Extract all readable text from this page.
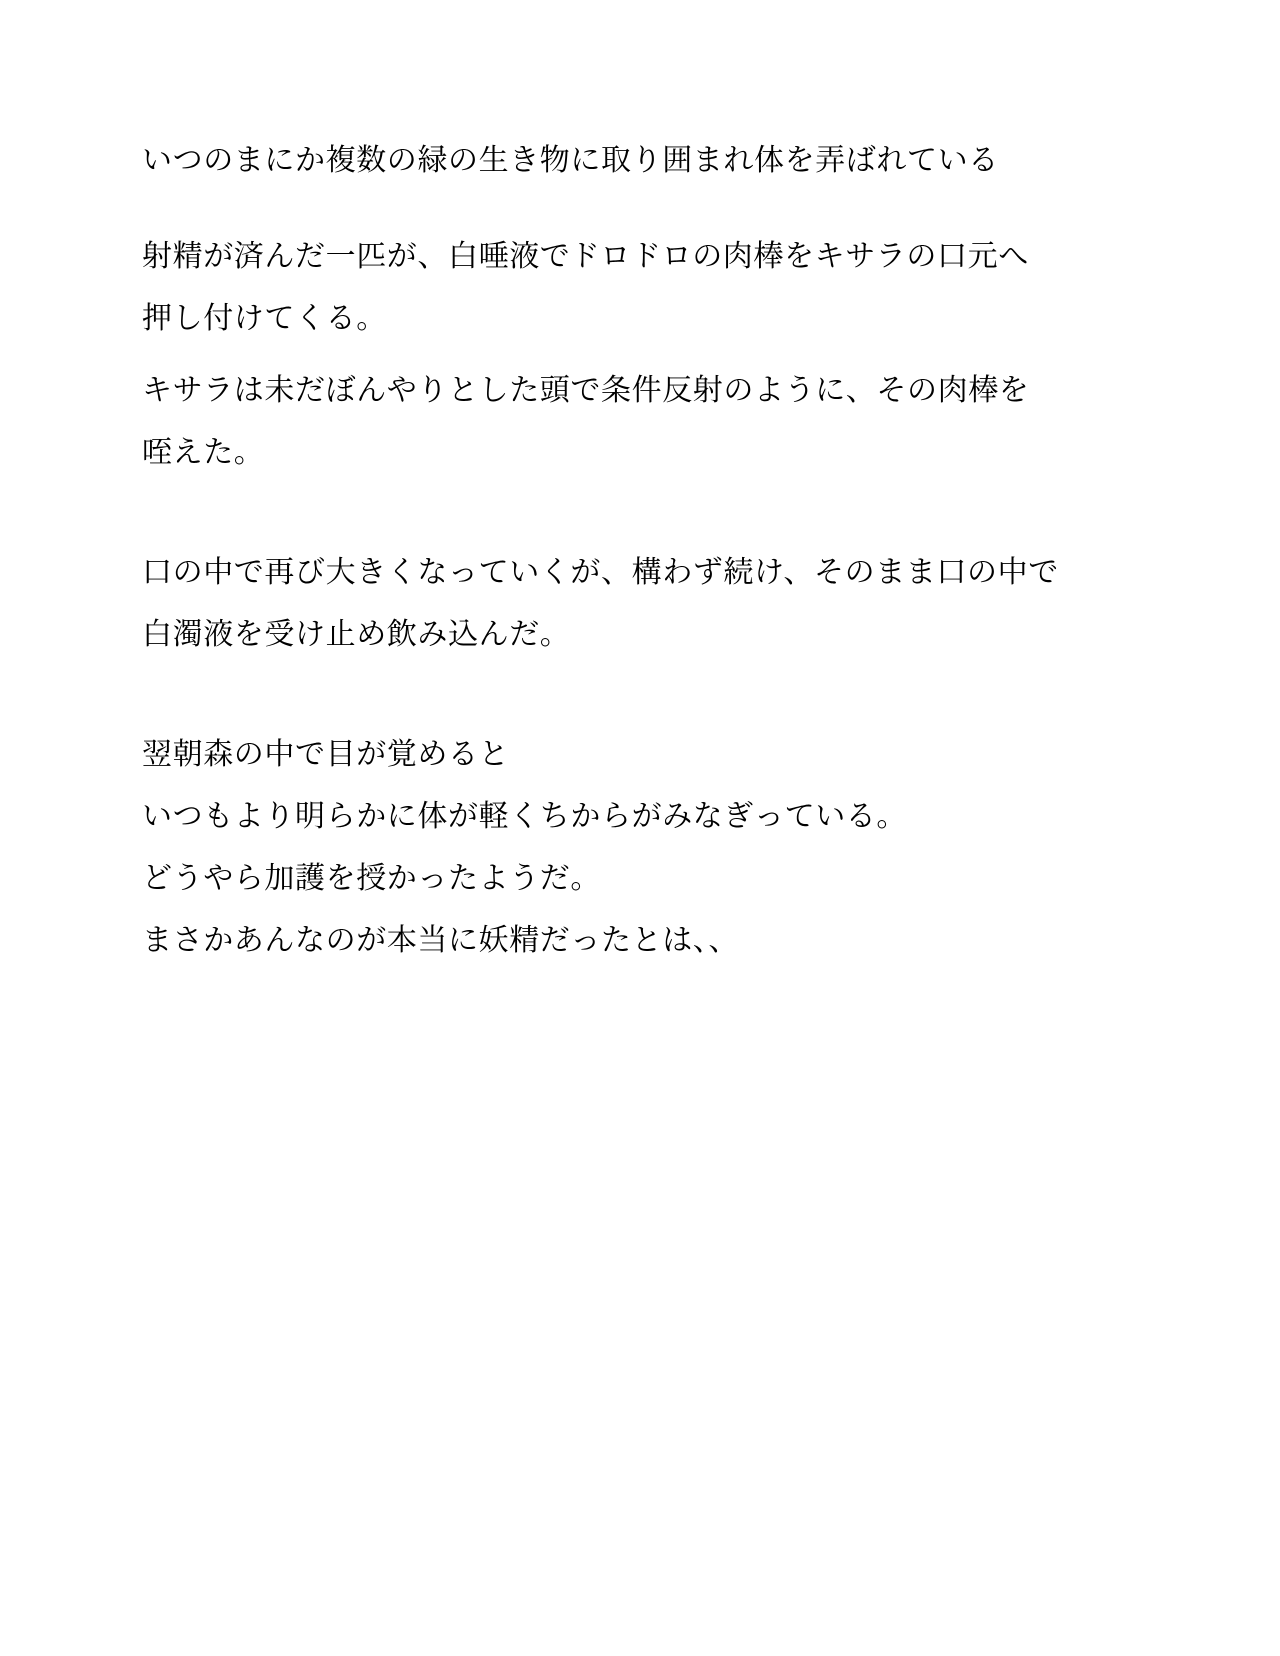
いつのまにか複数の緑の生き物に取り囲まれ体を弄ばれている

射精が済んだ一匹が、白唾液でドロドロの肉棒をキサラの口元へ

押し付けてくる。

キサラは未だぼんやりとした頭で条件反射のように、その肉棒を

咥えた。

口の中で再び大きくなっていくが、構わず続け、そのまま口の中で

白濁液を受け止め飲み込んだ。

翌朝森の中で目が覚めると

いつもより明らかに体が軽くちからがみなぎっている。

どうやら加護を授かったようだ。

まさかあんなのが本当に妖精だったとは、、
